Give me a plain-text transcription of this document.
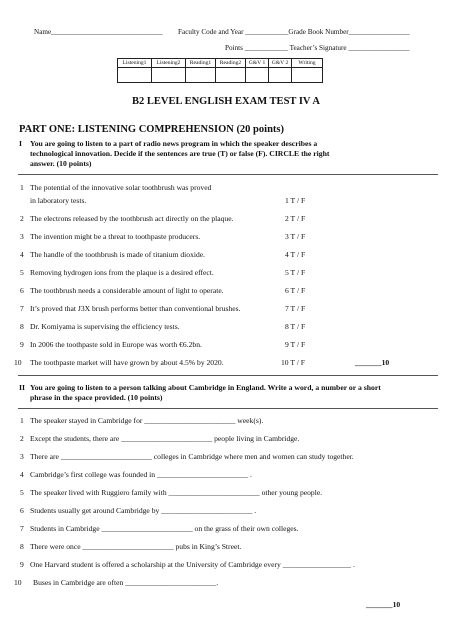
Name_______________________________ Faculty Code and Year ____________Grade Book Number_________________
Points ____________ Teacher’s Signature _________________
Listening1	Listening2	Reading1	Reading2	G&V 1	G&V 2	Writing

B2 LEVEL ENGLISH EXAM TEST IV A
PART ONE: LISTENING COMPREHENSION (20 points)
I You are going to listen to a part of radio news program in which the speaker describes a
technological innovation. Decide if the sentences are true (T) or false (F). CIRCLE the right
answer. (10 points)
1 The potential of the innovative solar toothbrush was proved
in laboratory tests.	1 T / F
2 The electrons released by the toothbrush act directly on the plaque.	2 T / F
3 The invention might be a threat to toothpaste producers.	3 T / F
4 The handle of the toothbrush is made of titanium dioxide.	4 T / F
5 Removing hydrogen ions from the plaque is a desired effect.	5 T / F
6 The toothbrush needs a considerable amount of light to operate.	6 T / F
7 It’s proved that J3X brush performs better than conventional brushes.	7 T / F
8 Dr. Komiyama is supervising the efficiency tests.	8 T / F
9 In 2006 the toothpaste sold in Europe was worth €6.2bn.	9 T / F
10 The toothpaste market will have grown by about 4.5% by 2020.	10 T / F	_______10
II You are going to listen to a person talking about Cambridge in England. Write a word, a number or a short
phrase in the space provided. (10 points)
1 The speaker stayed in Cambridge for ________________________ week(s).
2 Except the students, there are ________________________ people living in Cambridge.
3 There are ________________________ colleges in Cambridge where men and women can study together.
4 Cambridge’s first college was founded in ________________________ .
5 The speaker lived with Ruggiero family with ________________________ other young people.
6 Students usually get around Cambridge by ________________________ .
7 Students in Cambridge ________________________ on the grass of their own colleges.
8 There were once ________________________ pubs in King’s Street.
9 One Harvard student is offered a scholarship at the University of Cambridge every __________________ .
10 Buses in Cambridge are often ________________________.
_______10
